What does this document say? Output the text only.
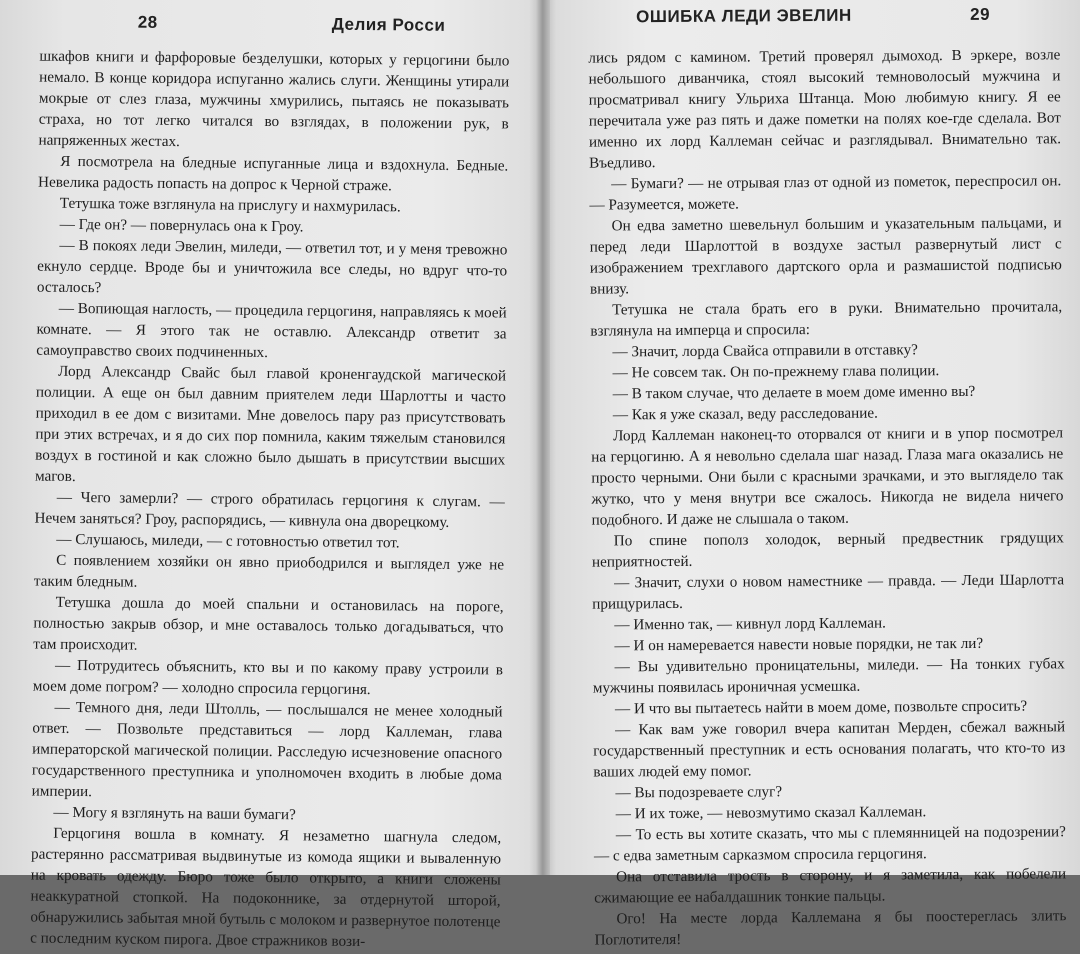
28	Делия Росси

шкафов книги и фарфоровые безделушки, которых у герцогини было немало. В конце коридора испуганно жались слуги. Женщины утирали мокрые от слез глаза, мужчины хмурились, пытаясь не показывать страха, но тот легко читался во взглядах, в положении рук, в напряженных жестах.

Я посмотрела на бледные испуганные лица и вздохнула. Бедные. Невелика радость попасть на допрос к Черной страже.

Тетушка тоже взглянула на прислугу и нахмурилась.

— Где он? — повернулась она к Гроу.

— В покоях леди Эвелин, миледи, — ответил тот, и у меня тревожно екнуло сердце. Вроде бы и уничтожила все следы, но вдруг что-то осталось?

— Вопиющая наглость, — процедила герцогиня, направляясь к моей комнате. — Я этого так не оставлю. Александр ответит за самоуправство своих подчиненных.

Лорд Александр Свайс был главой кроненгаудской магической полиции. А еще он был давним приятелем леди Шарлотты и часто приходил в ее дом с визитами. Мне довелось пару раз присутствовать при этих встречах, и я до сих пор помнила, каким тяжелым становился воздух в гостиной и как сложно было дышать в присутствии высших магов.

— Чего замерли? — строго обратилась герцогиня к слугам. — Нечем заняться? Гроу, распорядись, — кивнула она дворецкому.

— Слушаюсь, миледи, — с готовностью ответил тот.

С появлением хозяйки он явно приободрился и выглядел уже не таким бледным.

Тетушка дошла до моей спальни и остановилась на пороге, полностью закрыв обзор, и мне оставалось только догадываться, что там происходит.

— Потрудитесь объяснить, кто вы и по какому праву устроили в моем доме погром? — холодно спросила герцогиня.

— Темного дня, леди Штолль, — послышался не менее холодный ответ. — Позвольте представиться — лорд Каллеман, глава императорской магической полиции. Расследую исчезновение опасного государственного преступника и уполномочен входить в любые дома империи.

— Могу я взглянуть на ваши бумаги?

Герцогиня вошла в комнату. Я незаметно шагнула следом, растерянно рассматривая выдвинутые из комода ящики и вываленную на кровать одежду. Бюро тоже было открыто, а книги сложены неаккуратной стопкой. На подоконнике, за отдернутой шторой, обнаружились забытая мной бутыль с молоком и развернутое полотенце с последним куском пирога. Двое стражников вози-

ОШИБКА ЛЕДИ ЭВЕЛИН	29

лись рядом с камином. Третий проверял дымоход. В эркере, возле небольшого диванчика, стоял высокий темноволосый мужчина и просматривал книгу Ульриха Штанца. Мою любимую книгу. Я ее перечитала уже раз пять и даже пометки на полях кое-где сделала. Вот именно их лорд Каллеман сейчас и разглядывал. Внимательно так. Въедливо.

— Бумаги? — не отрывая глаз от одной из пометок, переспросил он. — Разумеется, можете.

Он едва заметно шевельнул большим и указательным пальцами, и перед леди Шарлоттой в воздухе застыл развернутый лист с изображением трехглавого дартского орла и размашистой подписью внизу.

Тетушка не стала брать его в руки. Внимательно прочитала, взглянула на имперца и спросила:

— Значит, лорда Свайса отправили в отставку?

— Не совсем так. Он по-прежнему глава полиции.

— В таком случае, что делаете в моем доме именно вы?

— Как я уже сказал, веду расследование.

Лорд Каллеман наконец-то оторвался от книги и в упор посмотрел на герцогиню. А я невольно сделала шаг назад. Глаза мага оказались не просто черными. Они были с красными зрачками, и это выглядело так жутко, что у меня внутри все сжалось. Никогда не видела ничего подобного. И даже не слышала о таком.

По спине пополз холодок, верный предвестник грядущих неприятностей.

— Значит, слухи о новом наместнике — правда. — Леди Шарлотта прищурилась.

— Именно так, — кивнул лорд Каллеман.

— И он намеревается навести новые порядки, не так ли?

— Вы удивительно проницательны, миледи. — На тонких губах мужчины появилась ироничная усмешка.

— И что вы пытаетесь найти в моем доме, позвольте спросить?

— Как вам уже говорил вчера капитан Мерден, сбежал важный государственный преступник и есть основания полагать, что кто-то из ваших людей ему помог.

— Вы подозреваете слуг?

— И их тоже, — невозмутимо сказал Каллеман.

— То есть вы хотите сказать, что мы с племянницей на подозрении? — с едва заметным сарказмом спросила герцогиня.

Она отставила трость в сторону, и я заметила, как побелели сжимающие ее набалдашник тонкие пальцы.

Ого! На месте лорда Каллемана я бы поостереглась злить Поглотителя!
